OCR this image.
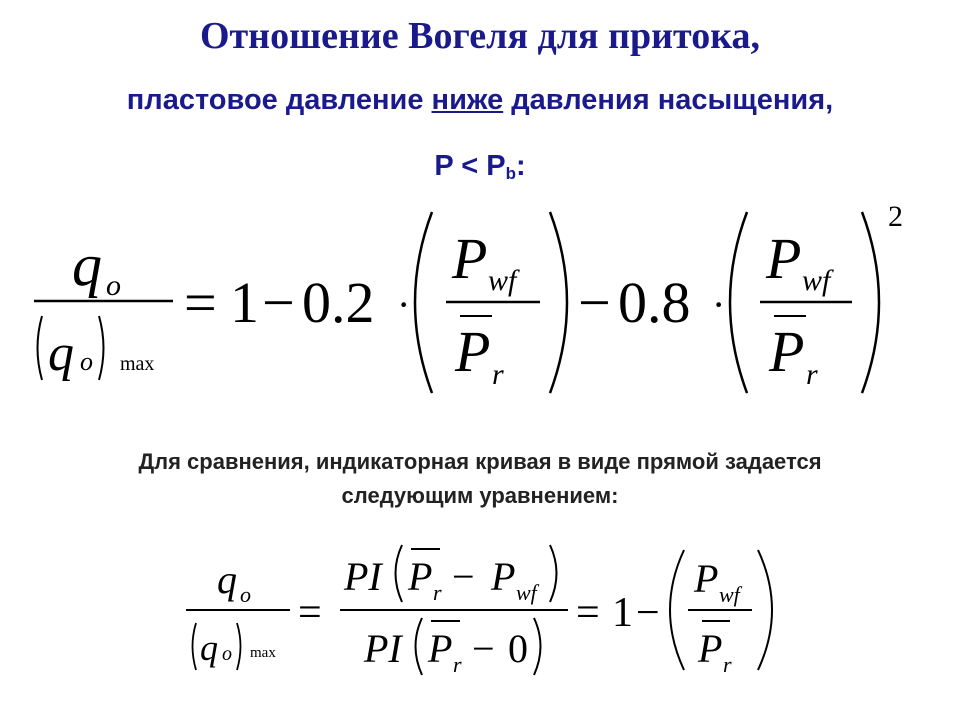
Отношение Вогеля для притока,
пластовое давление ниже давления насыщения,
$P < P_b$:
q o
q o max
= 1 − 0.2 ·
P wf
P r
− 0.8 ·
P wf
P r
2
Для сравнения, индикаторная кривая в виде прямой задается
следующим уравнением:
q o
q o max
=
PI P r − P wf
PI P r − 0
= 1 −
P wf
P r
